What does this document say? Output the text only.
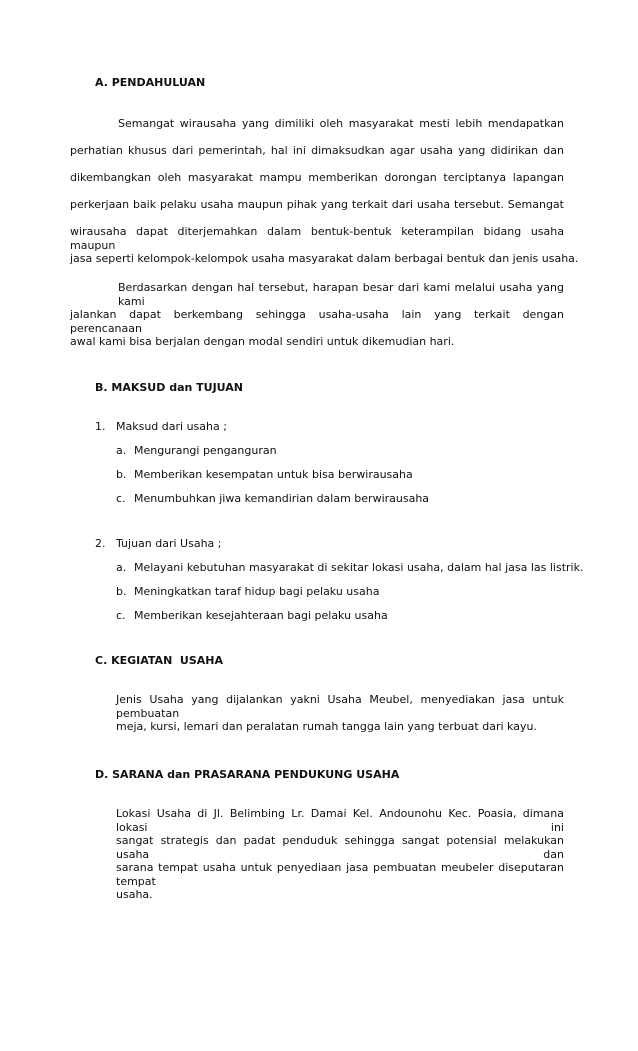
A. PENDAHULUAN
Semangat wirausaha yang dimiliki oleh masyarakat mesti lebih mendapatkan
perhatian khusus dari pemerintah, hal ini dimaksudkan agar usaha yang didirikan dan
dikembangkan oleh masyarakat mampu memberikan dorongan terciptanya lapangan
perkerjaan baik pelaku usaha maupun pihak yang terkait dari usaha tersebut. Semangat
wirausaha dapat diterjemahkan dalam bentuk-bentuk keterampilan bidang usaha maupun
jasa seperti kelompok-kelompok usaha masyarakat dalam berbagai bentuk dan jenis usaha.
Berdasarkan dengan hal tersebut, harapan besar dari kami melalui usaha yang kami
jalankan dapat berkembang sehingga usaha-usaha lain yang terkait dengan perencanaan
awal kami bisa berjalan dengan modal sendiri untuk dikemudian hari.
B. MAKSUD dan TUJUAN
1. Maksud dari usaha ;
a. Mengurangi penganguran
b. Memberikan kesempatan untuk bisa berwirausaha
c. Menumbuhkan jiwa kemandirian dalam berwirausaha
2. Tujuan dari Usaha ;
a. Melayani kebutuhan masyarakat di sekitar lokasi usaha, dalam hal jasa las listrik.
b. Meningkatkan taraf hidup bagi pelaku usaha
c. Memberikan kesejahteraan bagi pelaku usaha
C. KEGIATAN  USAHA
Jenis Usaha yang dijalankan yakni Usaha Meubel, menyediakan jasa untuk pembuatan
meja, kursi, lemari dan peralatan rumah tangga lain yang terbuat dari kayu.
D. SARANA dan PRASARANA PENDUKUNG USAHA
Lokasi Usaha di Jl. Belimbing Lr. Damai Kel. Andounohu Kec. Poasia, dimana lokasi ini
sangat strategis dan padat penduduk sehingga sangat potensial melakukan usaha dan
sarana tempat usaha untuk penyediaan jasa pembuatan meubeler diseputaran tempat
usaha.
